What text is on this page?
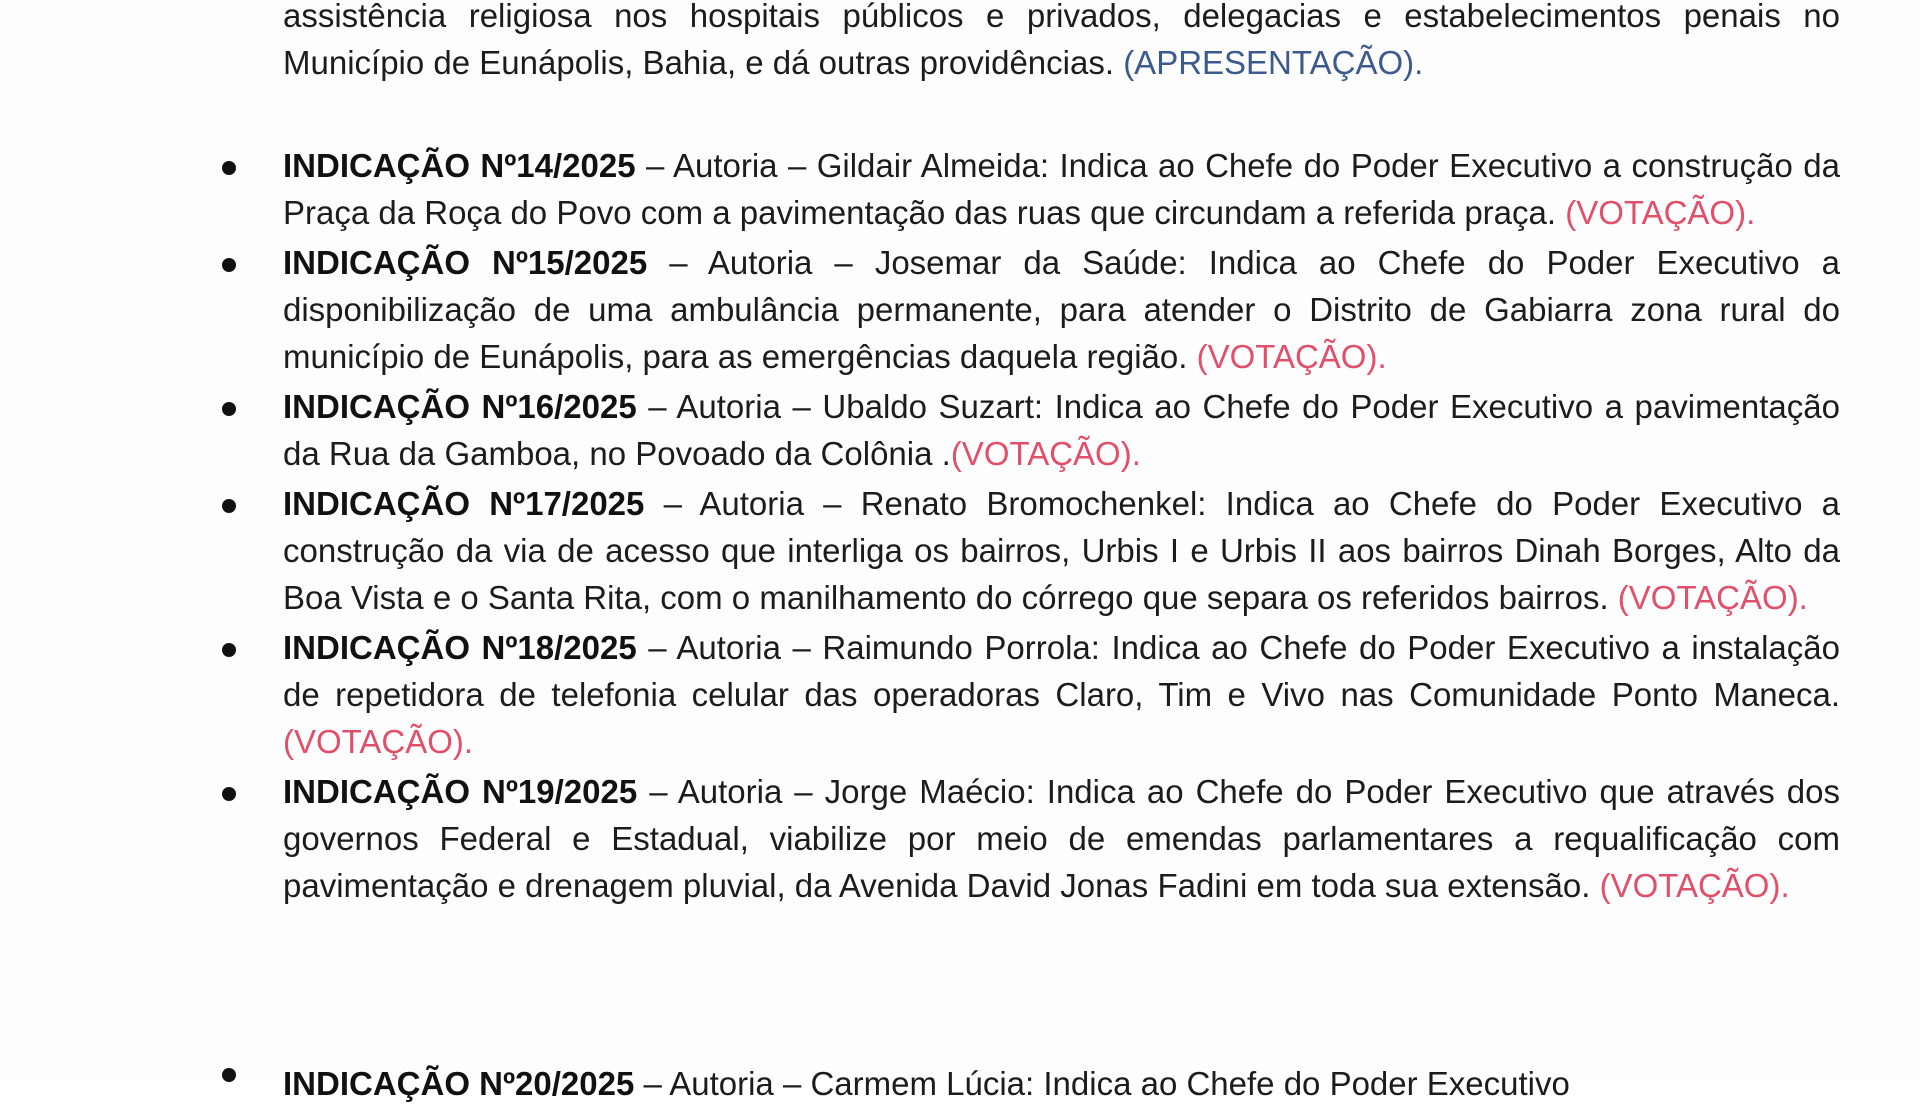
assistência religiosa nos hospitais públicos e privados, delegacias e estabelecimentos penais no Município de Eunápolis, Bahia, e dá outras providências. (APRESENTAÇÃO).

INDICAÇÃO Nº14/2025 – Autoria – Gildair Almeida: Indica ao Chefe do Poder Executivo a construção da Praça da Roça do Povo com a pavimentação das ruas que circundam a referida praça. (VOTAÇÃO).

INDICAÇÃO Nº15/2025 – Autoria – Josemar da Saúde: Indica ao Chefe do Poder Executivo a disponibilização de uma ambulância permanente, para atender o Distrito de Gabiarra zona rural do município de Eunápolis, para as emergências daquela região. (VOTAÇÃO).

INDICAÇÃO Nº16/2025 – Autoria – Ubaldo Suzart: Indica ao Chefe do Poder Executivo a pavimentação da Rua da Gamboa, no Povoado da Colônia .(VOTAÇÃO).

INDICAÇÃO Nº17/2025 – Autoria – Renato Bromochenkel: Indica ao Chefe do Poder Executivo a construção da via de acesso que interliga os bairros, Urbis I e Urbis II aos bairros Dinah Borges, Alto da Boa Vista e o Santa Rita, com o manilhamento do córrego que separa os referidos bairros. (VOTAÇÃO).

INDICAÇÃO Nº18/2025 – Autoria – Raimundo Porrola: Indica ao Chefe do Poder Executivo a instalação de repetidora de telefonia celular das operadoras Claro, Tim e Vivo nas Comunidade Ponto Maneca. (VOTAÇÃO).

INDICAÇÃO Nº19/2025 – Autoria – Jorge Maécio: Indica ao Chefe do Poder Executivo que através dos governos Federal e Estadual, viabilize por meio de emendas parlamentares a requalificação com pavimentação e drenagem pluvial, da Avenida David Jonas Fadini em toda sua extensão. (VOTAÇÃO).

INDICAÇÃO Nº20/2025 – Autoria – Carmem Lúcia: Indica ao Chefe do Poder Executivo
